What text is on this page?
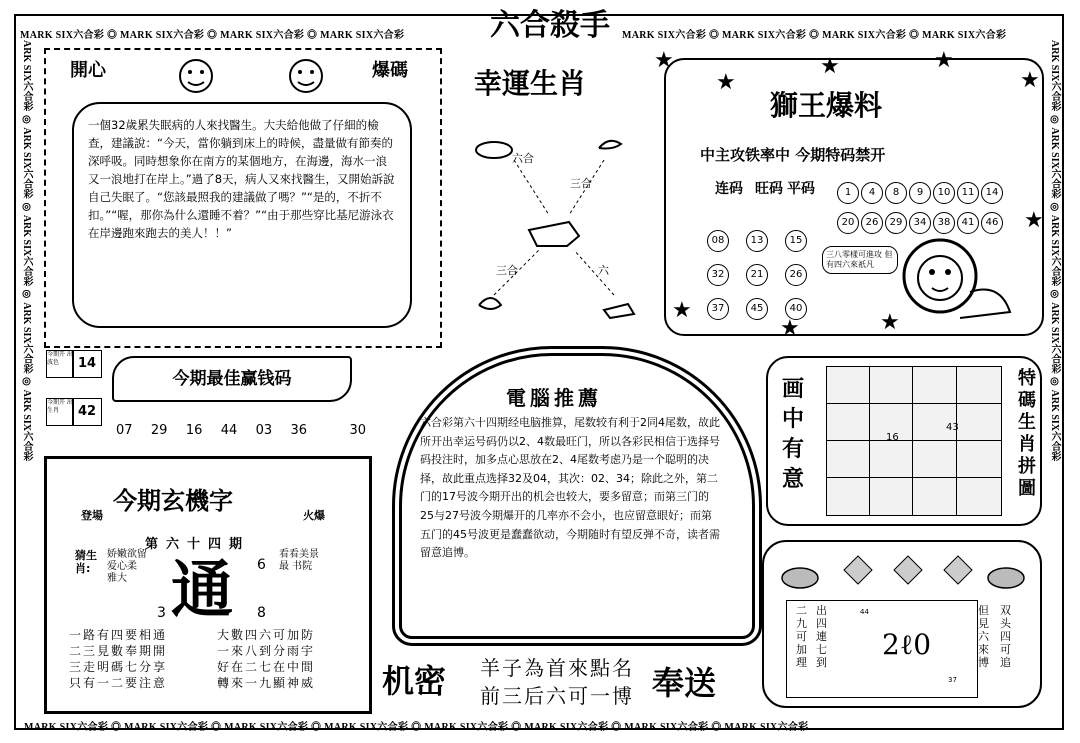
MARK SIX六合彩 ◎ MARK SIX六合彩 ◎ MARK SIX六合彩 ◎ MARK SIX六合彩	MARK SIX六合彩 ◎ MARK SIX六合彩 ◎ MARK SIX六合彩 ◎ MARK SIX六合彩
MARK SIX六合彩 ◎ MARK SIX六合彩 ◎ MARK SIX六合彩 ◎ MARK SIX六合彩 ◎ MARK SIX六合彩 ◎ MARK SIX六合彩 ◎ MARK SIX六合彩 ◎ MARK SIX六合彩
ARK SIX六合彩 ◎ ARK SIX六合彩 ◎ ARK SIX六合彩 ◎ ARK SIX六合彩 ◎ ARK SIX六合彩
ARK SIX六合彩 ◎ ARK SIX六合彩 ◎ ARK SIX六合彩 ◎ ARK SIX六合彩 ◎ ARK SIX六合彩
六合殺手
開心	爆碼
一個32歲累失眠病的人來找醫生。大夫給他做了仔細的檢查，建議說：“今天，當你躺到床上的時候，盡量做有節奏的深呼吸。同時想象你在南方的某個地方，在海邊，海水一浪又一浪地打在岸上。”過了8天，病人又來找醫生，又開始訴說自己失眠了。“您該最照我的建議做了嗎？”“是的，不折不扣。”“喔，那你為什么還睡不着？”“由于那些穿比基尼游泳衣在岸邊跑來跑去的美人！！”
幸運生肖
六合
三合
三合	六
獅王爆料
中主攻铁率中 今期特码禁开
连码 旺码 平码
08	13	15
32	21	26
37	45	40
1 4 8 9 10 11 14
20 26 29 34 38 41 46
三八零樣可進攻 但有四六來祇凡
★
★
★	★
★
★
★	★
★
今期开 出波色	14
今期开 出生肖	42
今期最佳赢钱码
07 29 16 44 03 36	30
電腦推薦
六合彩第六十四期经电脑推算，尾数较有利于2同4尾数，故此所开出幸运号码仍以2、4数最旺门，所以各彩民相信于选择号码投注时，加多点心思放在2、4尾数考虑乃是一个聪明的决择，故此重点选择32及04，其次：02、34；除此之外，第二门的17号波今期开出的机会也较大，要多留意；而第三门的25与27号波今期爆开的几率亦不会小，也应留意眼好；而第五门的45号波更是蠢蠢欲动，今期随时有望反弹不奇，读者需留意追博。
画中有意
16
43
特碼生肖拼圖
今期玄機字
登場	火爆
第六十四期
猜生肖:
娇嫩欲留 爱心柔 雅大
看看美景 最 书院
通 6
3	8
一路有四要相通
二三見數奉期開
三走明碼七分享
只有一二要注意
大數四六可加防
一來八到分雨宇
好在二七在中間
轉來一九顯神威
二九可加理
出四連七到
但見六來博
双头四可追
44
37
2ℓ0
机密 羊子為首來點名
前三后六可一博 奉送
